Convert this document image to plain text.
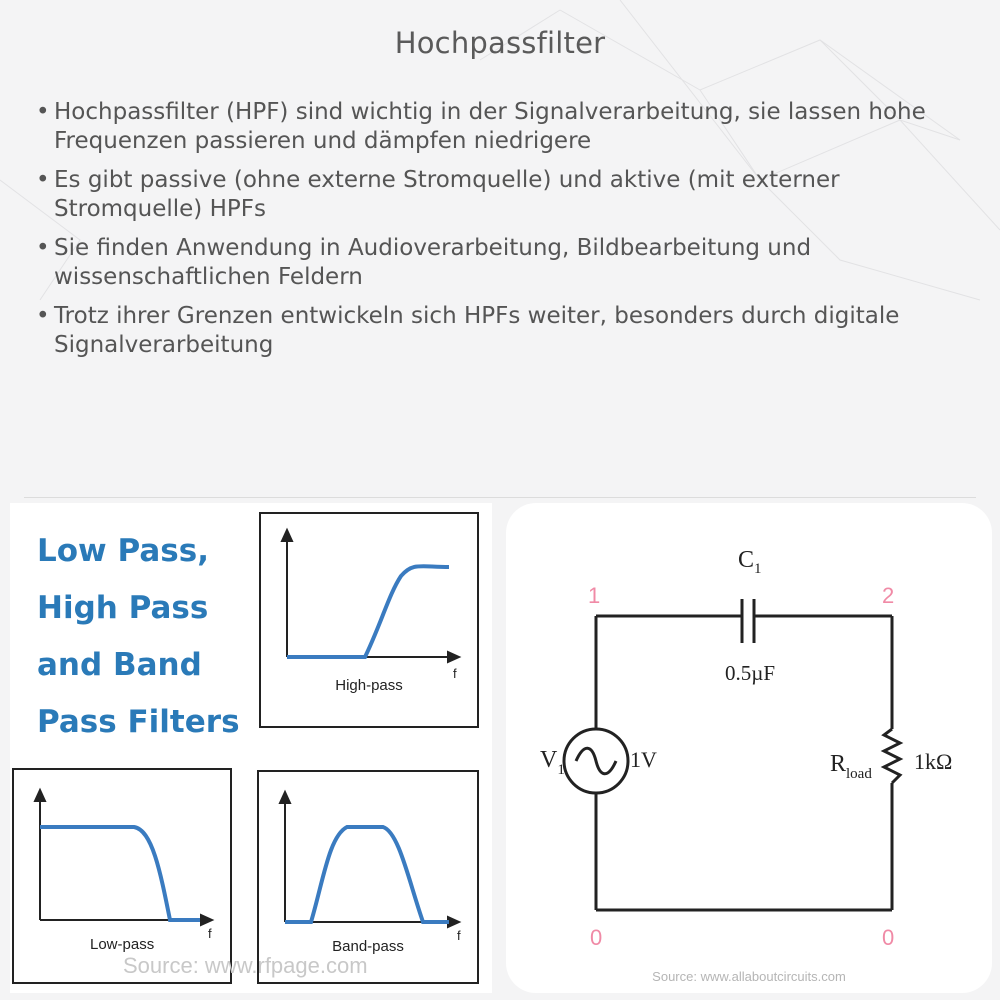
Hochpassfilter
• Hochpassfilter (HPF) sind wichtig in der Signalverarbeitung, sie lassen hohe Frequenzen passieren und dämpfen niedrigere
• Es gibt passive (ohne externe Stromquelle) und aktive (mit externer Stromquelle) HPFs
• Sie finden Anwendung in Audioverarbeitung, Bildbearbeitung und wissenschaftlichen Feldern
• Trotz ihrer Grenzen entwickeln sich HPFs weiter, besonders durch digitale Signalverarbeitung
Low Pass,
High Pass
and Band
Pass Filters
f
High-pass
f
Low-pass
f
Band-pass
Source: www.rfpage.com
$C_1$
0.5µF
$V_1$	1V	$R_{load}$ 1kΩ
1	2
0	0
Source: www.allaboutcircuits.com
